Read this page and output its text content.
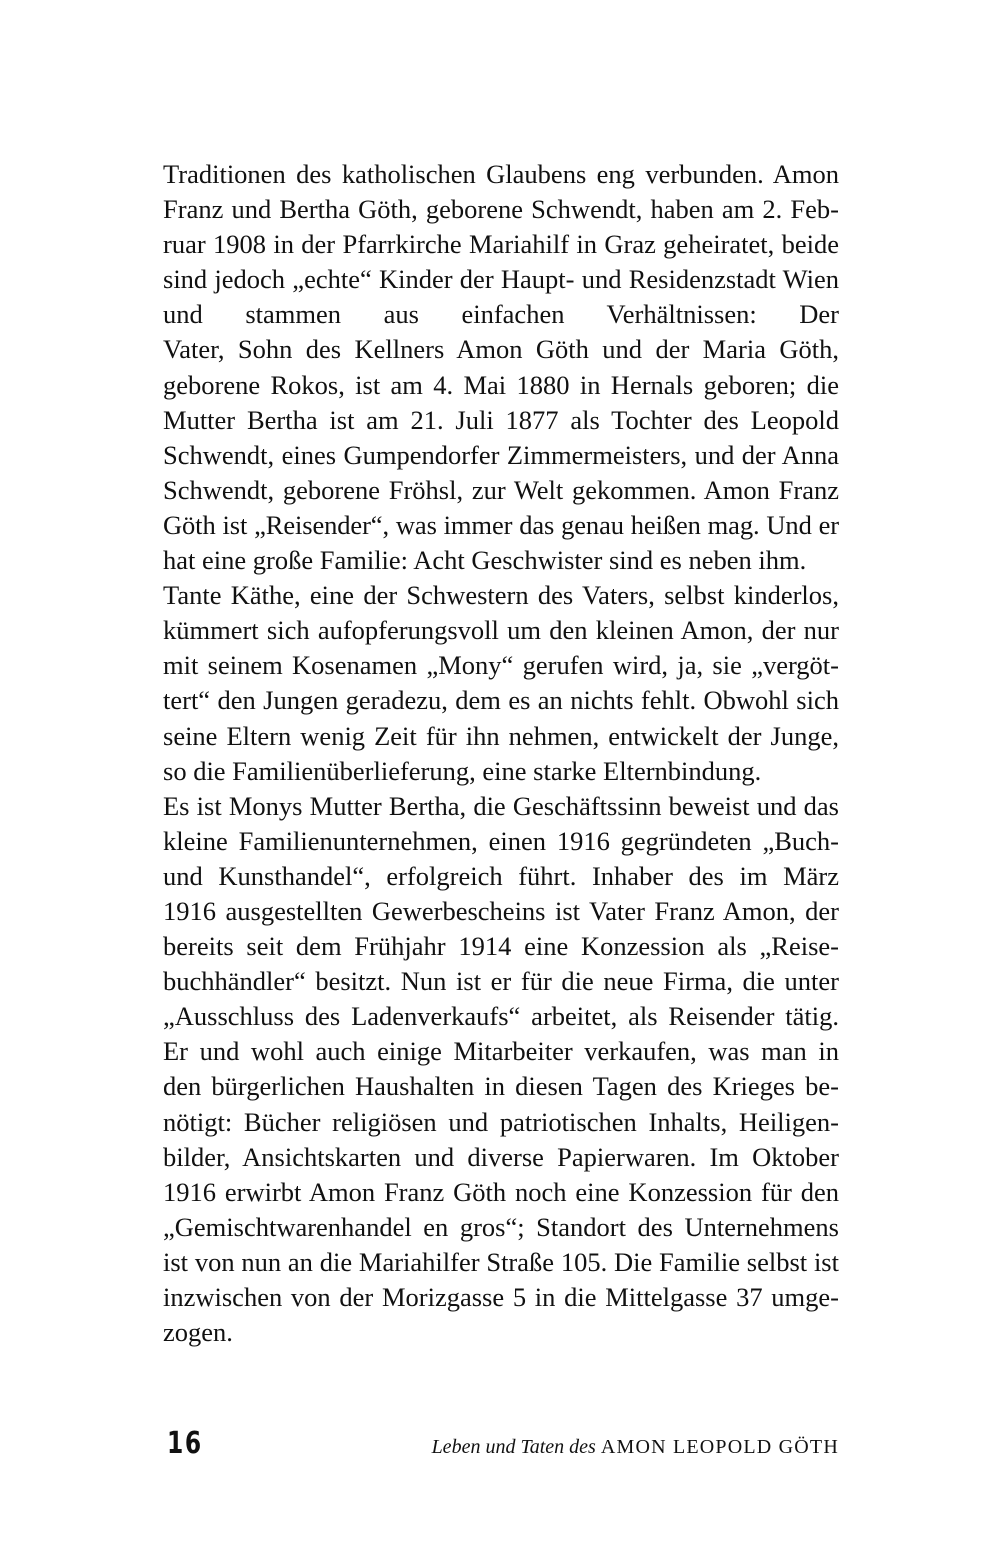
Traditionen des katholischen Glaubens eng verbunden. Amon
Franz und Bertha Göth, geborene Schwendt, haben am 2. Feb-
ruar 1908 in der Pfarrkirche Mariahilf in Graz geheiratet, beide
sind jedoch „echte“ Kinder der Haupt- und Residenzstadt Wien
und stammen aus einfachen Verhältnissen: Der
Vater, Sohn des Kellners Amon Göth und der Maria Göth,
geborene Rokos, ist am 4. Mai 1880 in Hernals geboren; die
Mutter Bertha ist am 21. Juli 1877 als Tochter des Leopold
Schwendt, eines Gumpendorfer Zimmermeisters, und der Anna
Schwendt, geborene Fröhsl, zur Welt gekommen. Amon Franz
Göth ist „Reisender“, was immer das genau heißen mag. Und er
hat eine große Familie: Acht Geschwister sind es neben ihm.
Tante Käthe, eine der Schwestern des Vaters, selbst kinderlos,
kümmert sich aufopferungsvoll um den kleinen Amon, der nur
mit seinem Kosenamen „Mony“ gerufen wird, ja, sie „vergöt-
tert“ den Jungen geradezu, dem es an nichts fehlt. Obwohl sich
seine Eltern wenig Zeit für ihn nehmen, entwickelt der Junge,
so die Familienüberlieferung, eine starke Elternbindung.
Es ist Monys Mutter Bertha, die Geschäftssinn beweist und das
kleine Familienunternehmen, einen 1916 gegründeten „Buch-
und Kunsthandel“, erfolgreich führt. Inhaber des im März
1916 ausgestellten Gewerbescheins ist Vater Franz Amon, der
bereits seit dem Frühjahr 1914 eine Konzession als „Reise-
buchhändler“ besitzt. Nun ist er für die neue Firma, die unter
„Ausschluss des Ladenverkaufs“ arbeitet, als Reisender tätig.
Er und wohl auch einige Mitarbeiter verkaufen, was man in
den bürgerlichen Haushalten in diesen Tagen des Krieges be-
nötigt: Bücher religiösen und patriotischen Inhalts, Heiligen-
bilder, Ansichtskarten und diverse Papierwaren. Im Oktober
1916 erwirbt Amon Franz Göth noch eine Konzession für den
„Gemischtwarenhandel en gros“; Standort des Unternehmens
ist von nun an die Mariahilfer Straße 105. Die Familie selbst ist
inzwischen von der Morizgasse 5 in die Mittelgasse 37 umge-
zogen.
16	Leben und Taten des AMON LEOPOLD GÖTH
